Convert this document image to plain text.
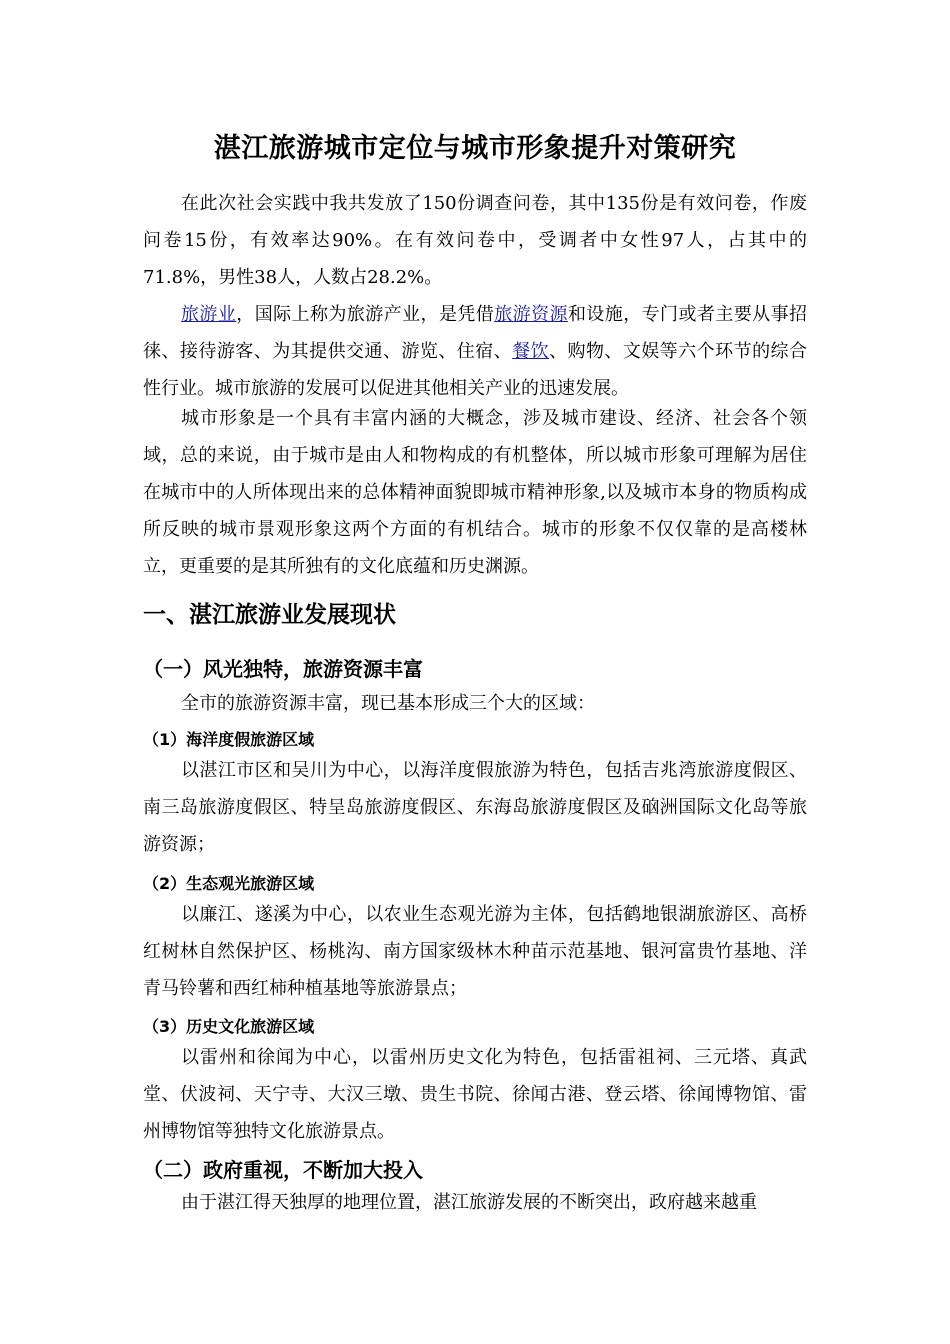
湛江旅游城市定位与城市形象提升对策研究

在此次社会实践中我共发放了150份调查问卷，其中135份是有效问卷，作废问卷15份，有效率达90%。在有效问卷中，受调者中女性97人，占其中的71.8%，男性38人，人数占28.2%。

旅游业，国际上称为旅游产业，是凭借旅游资源和设施，专门或者主要从事招徕、接待游客、为其提供交通、游览、住宿、餐饮、购物、文娱等六个环节的综合性行业。城市旅游的发展可以促进其他相关产业的迅速发展。

城市形象是一个具有丰富内涵的大概念，涉及城市建设、经济、社会各个领域，总的来说，由于城市是由人和物构成的有机整体，所以城市形象可理解为居住在城市中的人所体现出来的总体精神面貌即城市精神形象,以及城市本身的物质构成所反映的城市景观形象这两个方面的有机结合。城市的形象不仅仅靠的是高楼林立，更重要的是其所独有的文化底蕴和历史渊源。

一、湛江旅游业发展现状
（一）风光独特，旅游资源丰富

全市的旅游资源丰富，现已基本形成三个大的区域：

（1）海洋度假旅游区域

以湛江市区和吴川为中心，以海洋度假旅游为特色，包括吉兆湾旅游度假区、南三岛旅游度假区、特呈岛旅游度假区、东海岛旅游度假区及硇洲国际文化岛等旅游资源；

（2）生态观光旅游区域

以廉江、遂溪为中心，以农业生态观光游为主体，包括鹤地银湖旅游区、高桥红树林自然保护区、杨桃沟、南方国家级林木种苗示范基地、银河富贵竹基地、洋青马铃薯和西红柿种植基地等旅游景点；

（3）历史文化旅游区域

以雷州和徐闻为中心，以雷州历史文化为特色，包括雷祖祠、三元塔、真武堂、伏波祠、天宁寺、大汉三墩、贵生书院、徐闻古港、登云塔、徐闻博物馆、雷州博物馆等独特文化旅游景点。

（二）政府重视，不断加大投入

由于湛江得天独厚的地理位置，湛江旅游发展的不断突出，政府越来越重
